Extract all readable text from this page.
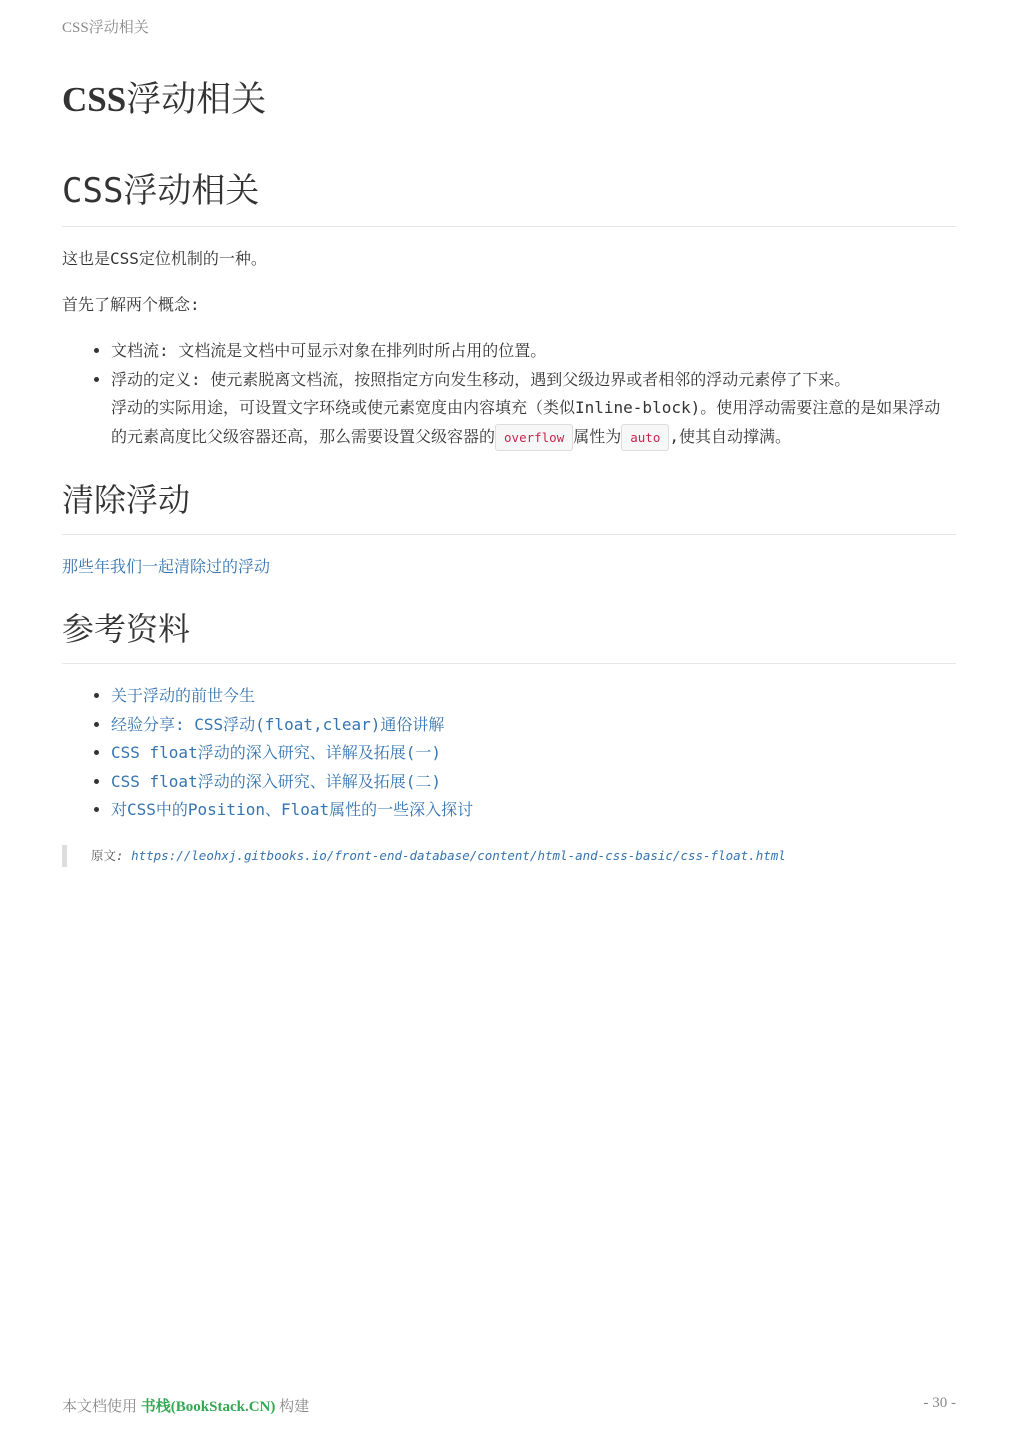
CSS浮动相关
CSS浮动相关
CSS浮动相关

这也是CSS定位机制的一种。

首先了解两个概念:

• 文档流: 文档流是文档中可显示对象在排列时所占用的位置。
• 浮动的定义: 使元素脱离文档流，按照指定方向发生移动，遇到父级边界或者相邻的浮动元素停了下来。
浮动的实际用途，可设置文字环绕或使元素宽度由内容填充（类似Inline-block)。使用浮动需要注意的是如果浮动的元素高度比父级容器还高，那么需要设置父级容器的 overflow 属性为 auto ,使其自动撑满。
清除浮动

那些年我们一起清除过的浮动

参考资料
• 关于浮动的前世今生
• 经验分享: CSS浮动(float,clear)通俗讲解
• CSS float浮动的深入研究、详解及拓展(一)
• CSS float浮动的深入研究、详解及拓展(二)
• 对CSS中的Position、Float属性的一些深入探讨
原文: https://leohxj.gitbooks.io/front-end-database/content/html-and-css-basic/css-float.html
本文档使用 书栈(BookStack.CN) 构建	- 30 -
